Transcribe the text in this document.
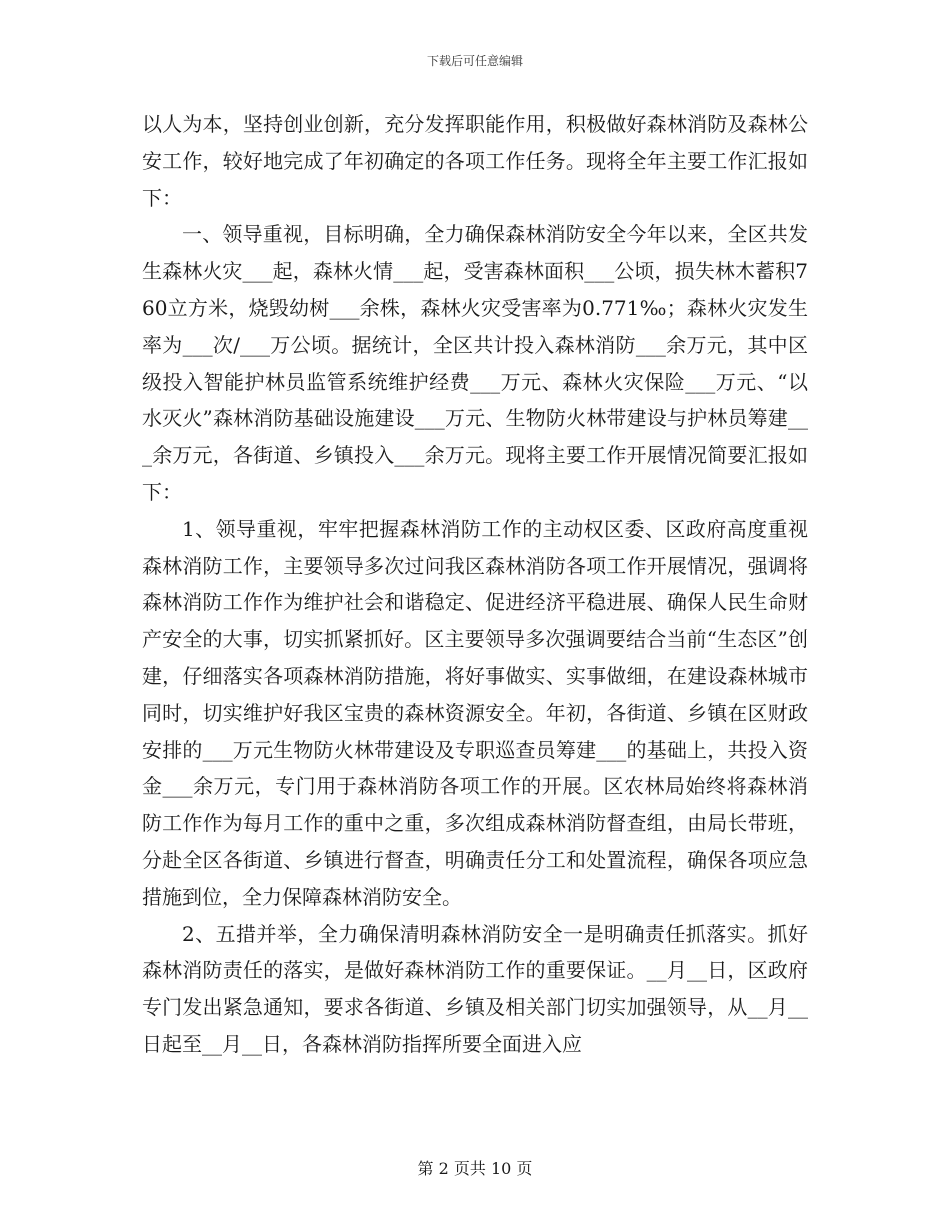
下载后可任意编辑

以人为本，坚持创业创新，充分发挥职能作用，积极做好森林消防及森林公安工作，较好地完成了年初确定的各项工作任务。现将全年主要工作汇报如下：

一、领导重视，目标明确，全力确保森林消防安全今年以来，全区共发生森林火灾___起，森林火情___起，受害森林面积___公顷，损失林木蓄积760立方米，烧毁幼树___余株，森林火灾受害率为0.771‰；森林火灾发生率为___次/___万公顷。据统计，全区共计投入森林消防___余万元，其中区级投入智能护林员监管系统维护经费___万元、森林火灾保险___万元、“以水灭火”森林消防基础设施建设___万元、生物防火林带建设与护林员筹建___余万元，各街道、乡镇投入___余万元。现将主要工作开展情况简要汇报如下：

1、领导重视，牢牢把握森林消防工作的主动权区委、区政府高度重视森林消防工作，主要领导多次过问我区森林消防各项工作开展情况，强调将森林消防工作作为维护社会和谐稳定、促进经济平稳进展、确保人民生命财产安全的大事，切实抓紧抓好。区主要领导多次强调要结合当前“生态区”创建，仔细落实各项森林消防措施，将好事做实、实事做细，在建设森林城市同时，切实维护好我区宝贵的森林资源安全。年初，各街道、乡镇在区财政安排的___万元生物防火林带建设及专职巡查员筹建___的基础上，共投入资金___余万元，专门用于森林消防各项工作的开展。区农林局始终将森林消防工作作为每月工作的重中之重，多次组成森林消防督查组，由局长带班，分赴全区各街道、乡镇进行督查，明确责任分工和处置流程，确保各项应急措施到位，全力保障森林消防安全。

2、五措并举，全力确保清明森林消防安全一是明确责任抓落实。抓好森林消防责任的落实，是做好森林消防工作的重要保证。__月__日，区政府专门发出紧急通知，要求各街道、乡镇及相关部门切实加强领导，从__月__日起至__月__日，各森林消防指挥所要全面进入应

第 2 页共 10 页
